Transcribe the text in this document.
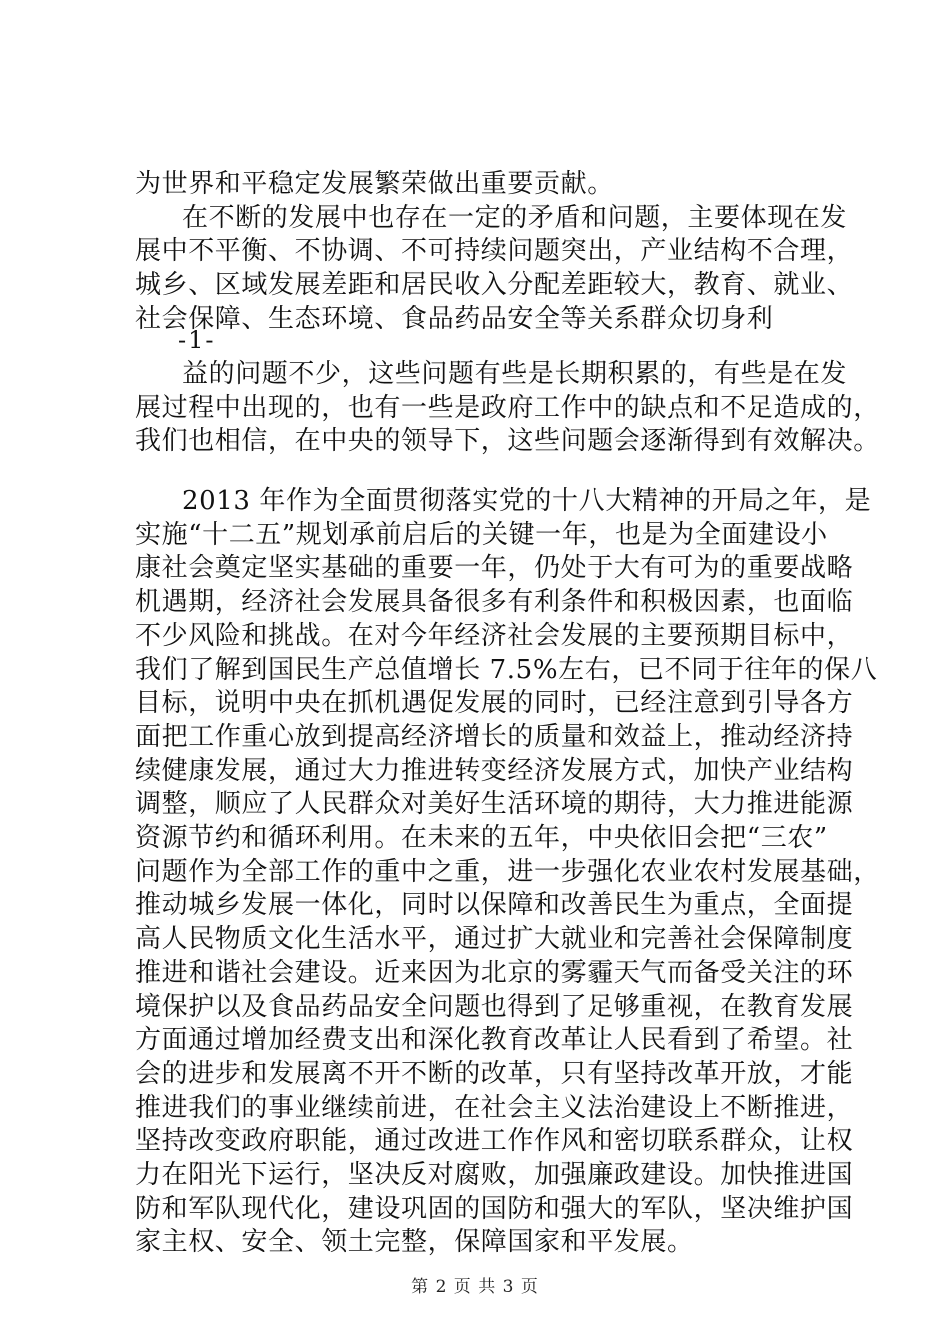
为世界和平稳定发展繁荣做出重要贡献。
在不断的发展中也存在一定的矛盾和问题，主要体现在发
展中不平衡、不协调、不可持续问题突出，产业结构不合理，
城乡、区域发展差距和居民收入分配差距较大，教育、就业、
社会保障、生态环境、食品药品安全等关系群众切身利
-1-
益的问题不少，这些问题有些是长期积累的，有些是在发
展过程中出现的，也有一些是政府工作中的缺点和不足造成的，
我们也相信，在中央的领导下，这些问题会逐渐得到有效解决。
2013 年作为全面贯彻落实党的十八大精神的开局之年，是
实施“十二五”规划承前启后的关键一年，也是为全面建设小
康社会奠定坚实基础的重要一年，仍处于大有可为的重要战略
机遇期，经济社会发展具备很多有利条件和积极因素，也面临
不少风险和挑战。在对今年经济社会发展的主要预期目标中，
我们了解到国民生产总值增长 7.5%左右，已不同于往年的保八
目标，说明中央在抓机遇促发展的同时，已经注意到引导各方
面把工作重心放到提高经济增长的质量和效益上，推动经济持
续健康发展，通过大力推进转变经济发展方式，加快产业结构
调整，顺应了人民群众对美好生活环境的期待，大力推进能源
资源节约和循环利用。在未来的五年，中央依旧会把“三农”
问题作为全部工作的重中之重，进一步强化农业农村发展基础，
推动城乡发展一体化，同时以保障和改善民生为重点，全面提
高人民物质文化生活水平，通过扩大就业和完善社会保障制度
推进和谐社会建设。近来因为北京的雾霾天气而备受关注的环
境保护以及食品药品安全问题也得到了足够重视，在教育发展
方面通过增加经费支出和深化教育改革让人民看到了希望。社
会的进步和发展离不开不断的改革，只有坚持改革开放，才能
推进我们的事业继续前进，在社会主义法治建设上不断推进，
坚持改变政府职能，通过改进工作作风和密切联系群众，让权
力在阳光下运行，坚决反对腐败，加强廉政建设。加快推进国
防和军队现代化，建设巩固的国防和强大的军队，坚决维护国
家主权、安全、领土完整，保障国家和平发展。
第 2 页 共 3 页
